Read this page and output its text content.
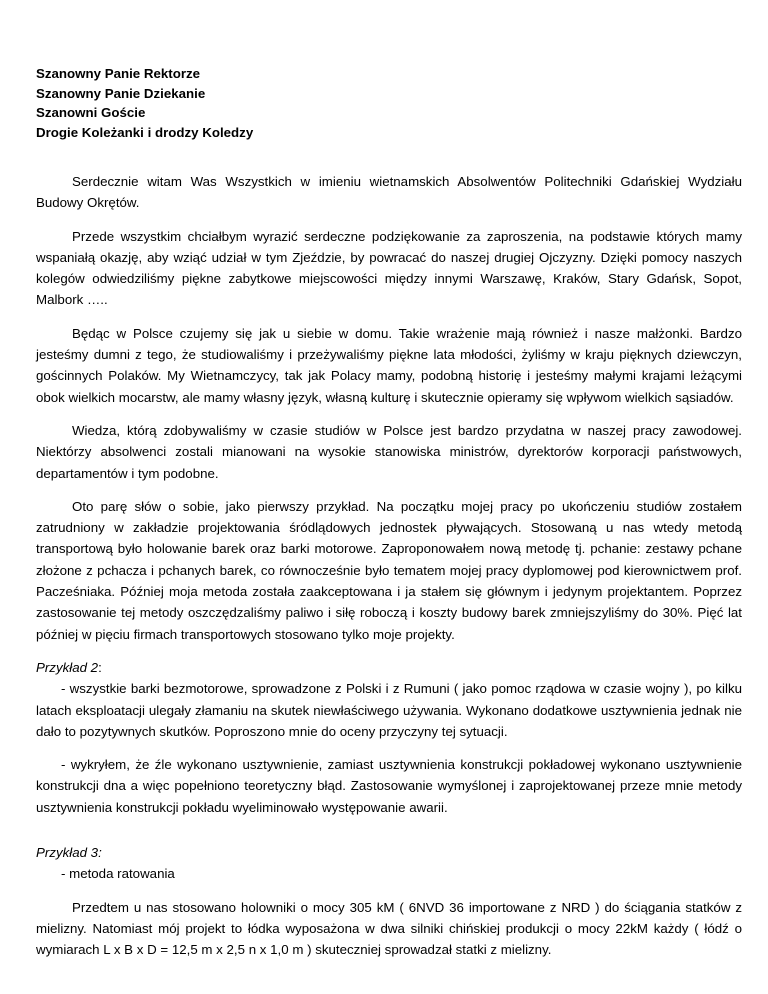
Szanowny Panie Rektorze
Szanowny Panie Dziekanie
Szanowni Goście
Drogie Koleżanki i drodzy Koledzy

Serdecznie witam Was Wszystkich w imieniu wietnamskich Absolwentów Politechniki Gdańskiej Wydziału Budowy Okrętów.

Przede wszystkim chciałbym wyrazić serdeczne podziękowanie za zaproszenia, na podstawie których mamy wspaniałą okazję, aby wziąć udział w tym Zjeździe, by powracać do naszej drugiej Ojczyzny. Dzięki pomocy naszych kolegów odwiedziliśmy piękne zabytkowe miejscowości między innymi Warszawę, Kraków, Stary Gdańsk, Sopot, Malbork …..

Będąc w Polsce czujemy się jak u siebie w domu. Takie wrażenie mają również i nasze małżonki. Bardzo jesteśmy dumni z tego, że studiowaliśmy i przeżywaliśmy piękne lata młodości, żyliśmy w kraju pięknych dziewczyn, gościnnych Polaków. My Wietnamczycy, tak jak Polacy mamy, podobną historię i jesteśmy małymi krajami leżącymi obok wielkich mocarstw, ale mamy własny język, własną kulturę i skutecznie opieramy się wpływom wielkich sąsiadów.

Wiedza, którą zdobywaliśmy w czasie studiów w Polsce jest bardzo przydatna w naszej pracy zawodowej. Niektórzy absolwenci zostali mianowani na wysokie stanowiska ministrów, dyrektorów korporacji państwowych, departamentów i tym podobne.

Oto parę słów o sobie, jako pierwszy przykład. Na początku mojej pracy po ukończeniu studiów zostałem zatrudniony w zakładzie projektowania śródlądowych jednostek pływających. Stosowaną u nas wtedy metodą transportową było holowanie barek oraz barki motorowe. Zaproponowałem nową metodę tj. pchanie: zestawy pchane złożone z pchacza i pchanych barek, co równocześnie było tematem mojej pracy dyplomowej pod kierownictwem prof. Pacześniaka. Później moja metoda została zaakceptowana i ja stałem się głównym i jedynym projektantem. Poprzez zastosowanie tej metody oszczędzaliśmy paliwo i siłę roboczą i koszty budowy barek zmniejszyliśmy do 30%. Pięć lat później w pięciu firmach transportowych stosowano tylko moje projekty.

Przykład 2:

- wszystkie barki bezmotorowe, sprowadzone z Polski i z Rumuni ( jako pomoc rządowa w czasie wojny ), po kilku latach eksploatacji ulegały złamaniu na skutek niewłaściwego używania. Wykonano dodatkowe usztywnienia jednak nie dało to pozytywnych skutków. Poproszono mnie do oceny przyczyny tej sytuacji.

- wykryłem, że źle wykonano usztywnienie, zamiast usztywnienia konstrukcji pokładowej wykonano usztywnienie konstrukcji dna a więc popełniono teoretyczny błąd. Zastosowanie wymyślonej i zaprojektowanej przeze mnie metody usztywnienia konstrukcji pokładu wyeliminowało występowanie awarii.

Przykład 3:
- metoda ratowania

Przedtem u nas stosowano holowniki o mocy 305 kM ( 6NVD 36 importowane z NRD ) do ściągania statków z mielizny. Natomiast mój projekt to łódka wyposażona w dwa silniki chińskiej produkcji o mocy 22kM każdy ( łódź o wymiarach L x B x D = 12,5 m x 2,5 n x 1,0 m ) skuteczniej sprowadzał statki z mielizny.
